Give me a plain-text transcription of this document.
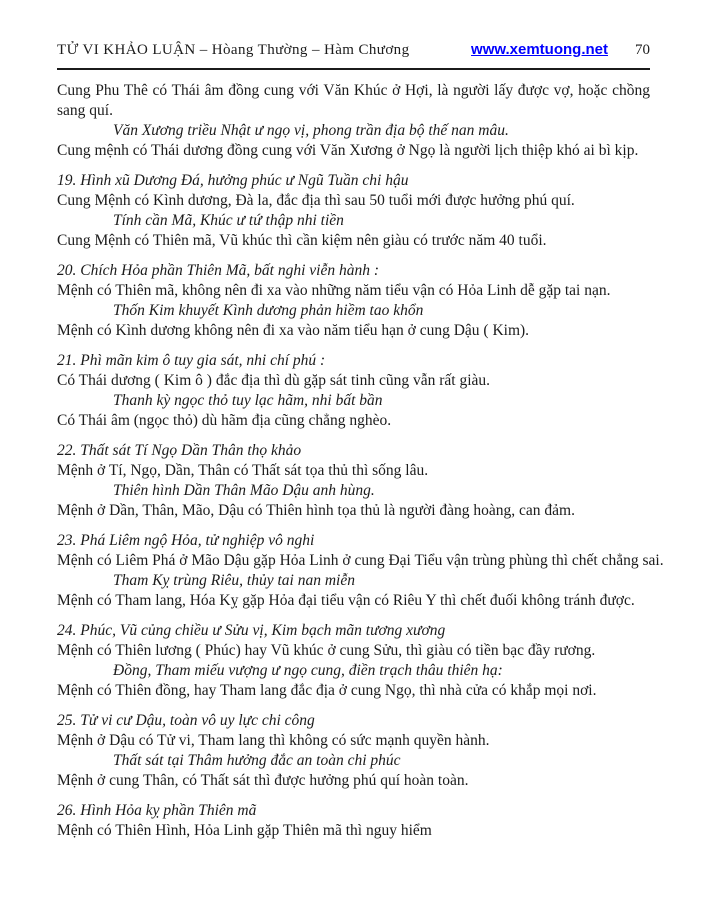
TỬ VI KHẢO LUẬN – Hòang Thường – Hàm Chương	www.xemtuong.net 70

Cung Phu Thê có Thái âm đồng cung với Văn Khúc ở Hợi, là người lấy được vợ, hoặc chồng sang quí.

Văn Xương triều Nhật ư ngọ vị, phong trần địa bộ thế nan mâu.
Cung mệnh có Thái dương đồng cung với Văn Xương ở Ngọ là người lịch thiệp khó ai bì kịp.
19. Hình xũ Dương Đá, hưởng phúc ư Ngũ Tuần chi hậu
Cung Mệnh có Kình dương, Đà la, đắc địa thì sau 50 tuổi mới được hưởng phú quí.
Tính cần Mã, Khúc ư tứ thập nhi tiền
Cung Mệnh có Thiên mã, Vũ khúc thì cần kiệm nên giàu có trước năm 40 tuổi.
20. Chích Hỏa phần Thiên Mã, bất nghi viễn hành :
Mệnh có Thiên mã, không nên đi xa vào những năm tiểu vận có Hỏa Linh dễ gặp tai nạn.
Thốn Kim khuyết Kình dương phản hiềm tao khổn
Mệnh có Kình dương không nên đi xa vào năm tiểu hạn ở cung Dậu ( Kim).
21. Phì mãn kim ô tuy gia sát, nhi chí phú :
Có Thái dương ( Kim ô ) đắc địa thì dù gặp sát tinh cũng vẫn rất giàu.
Thanh kỳ ngọc thỏ tuy lạc hãm, nhi bất bần
Có Thái âm (ngọc thỏ) dù hãm địa cũng chẳng nghèo.
22. Thất sát Tí Ngọ Dần Thân thọ khảo
Mệnh ở Tí, Ngọ, Dần, Thân có Thất sát tọa thủ thì sống lâu.
Thiên hình Dần Thân Mão Dậu anh hùng.
Mệnh ở Dần, Thân, Mão, Dậu có Thiên hình tọa thủ là người đàng hoàng, can đảm.
23. Phá Liêm ngộ Hỏa, tử nghiệp vô nghi
Mệnh có Liêm Phá ở Mão Dậu gặp Hỏa Linh ở cung Đại Tiểu vận trùng phùng thì chết chẳng sai.
Tham Kỵ trùng Riêu, thủy tai nan miễn
Mệnh có Tham lang, Hóa Kỵ gặp Hỏa đại tiểu vận có Riêu Y thì chết đuối không tránh được.
24. Phúc, Vũ củng chiều ư Sửu vị, Kim bạch mãn tương xương
Mệnh có Thiên lương ( Phúc) hay Vũ khúc ở cung Sửu, thì giàu có tiền bạc đầy rương.
Đồng, Tham miếu vượng ư ngọ cung, điền trạch thâu thiên hạ:
Mệnh có Thiên đồng, hay Tham lang đắc địa ở cung Ngọ, thì nhà cửa có khắp mọi nơi.
25. Tử vi cư Dậu, toàn vô uy lực chi công
Mệnh ở Dậu có Tử vi, Tham lang thì không có sức mạnh quyền hành.
Thất sát tại Thâm hưởng đắc an toàn chi phúc
Mệnh ở cung Thân, có Thất sát thì được hưởng phú quí hoàn toàn.
26. Hình Hỏa kỵ phần Thiên mã
Mệnh có Thiên Hình, Hỏa Linh gặp Thiên mã thì nguy hiểm
